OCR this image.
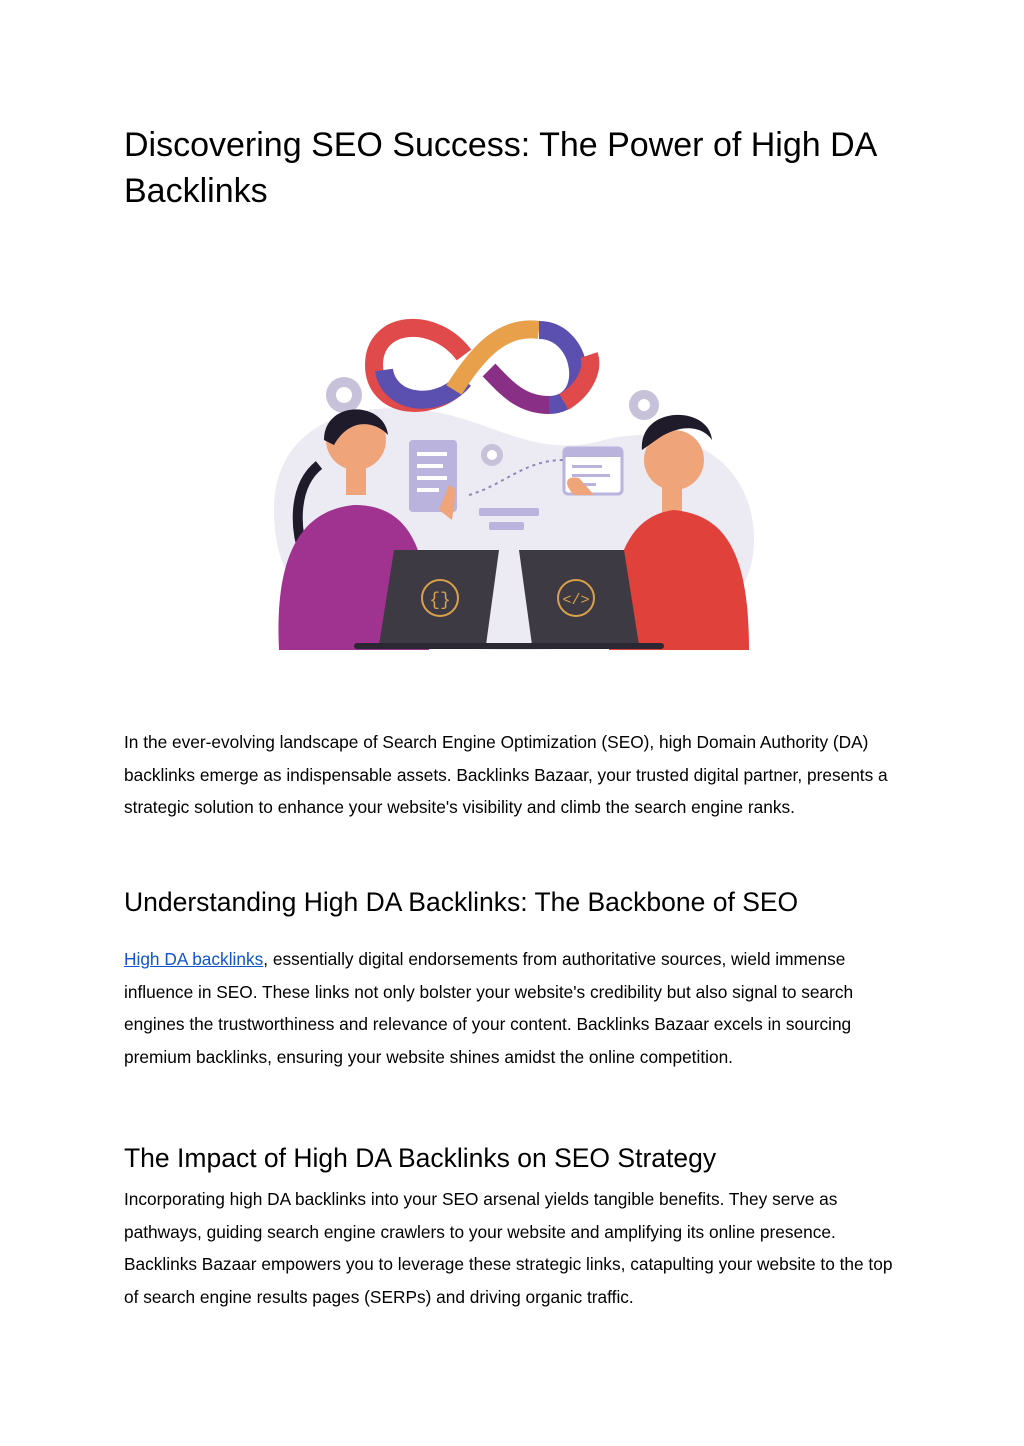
Discovering SEO Success: The Power of High DA Backlinks
{}	</>

In the ever-evolving landscape of Search Engine Optimization (SEO), high Domain Authority (DA) backlinks emerge as indispensable assets. Backlinks Bazaar, your trusted digital partner, presents a strategic solution to enhance your website's visibility and climb the search engine ranks.

Understanding High DA Backlinks: The Backbone of SEO

High DA backlinks, essentially digital endorsements from authoritative sources, wield immense influence in SEO. These links not only bolster your website's credibility but also signal to search engines the trustworthiness and relevance of your content. Backlinks Bazaar excels in sourcing premium backlinks, ensuring your website shines amidst the online competition.

The Impact of High DA Backlinks on SEO Strategy

Incorporating high DA backlinks into your SEO arsenal yields tangible benefits. They serve as pathways, guiding search engine crawlers to your website and amplifying its online presence. Backlinks Bazaar empowers you to leverage these strategic links, catapulting your website to the top of search engine results pages (SERPs) and driving organic traffic.
